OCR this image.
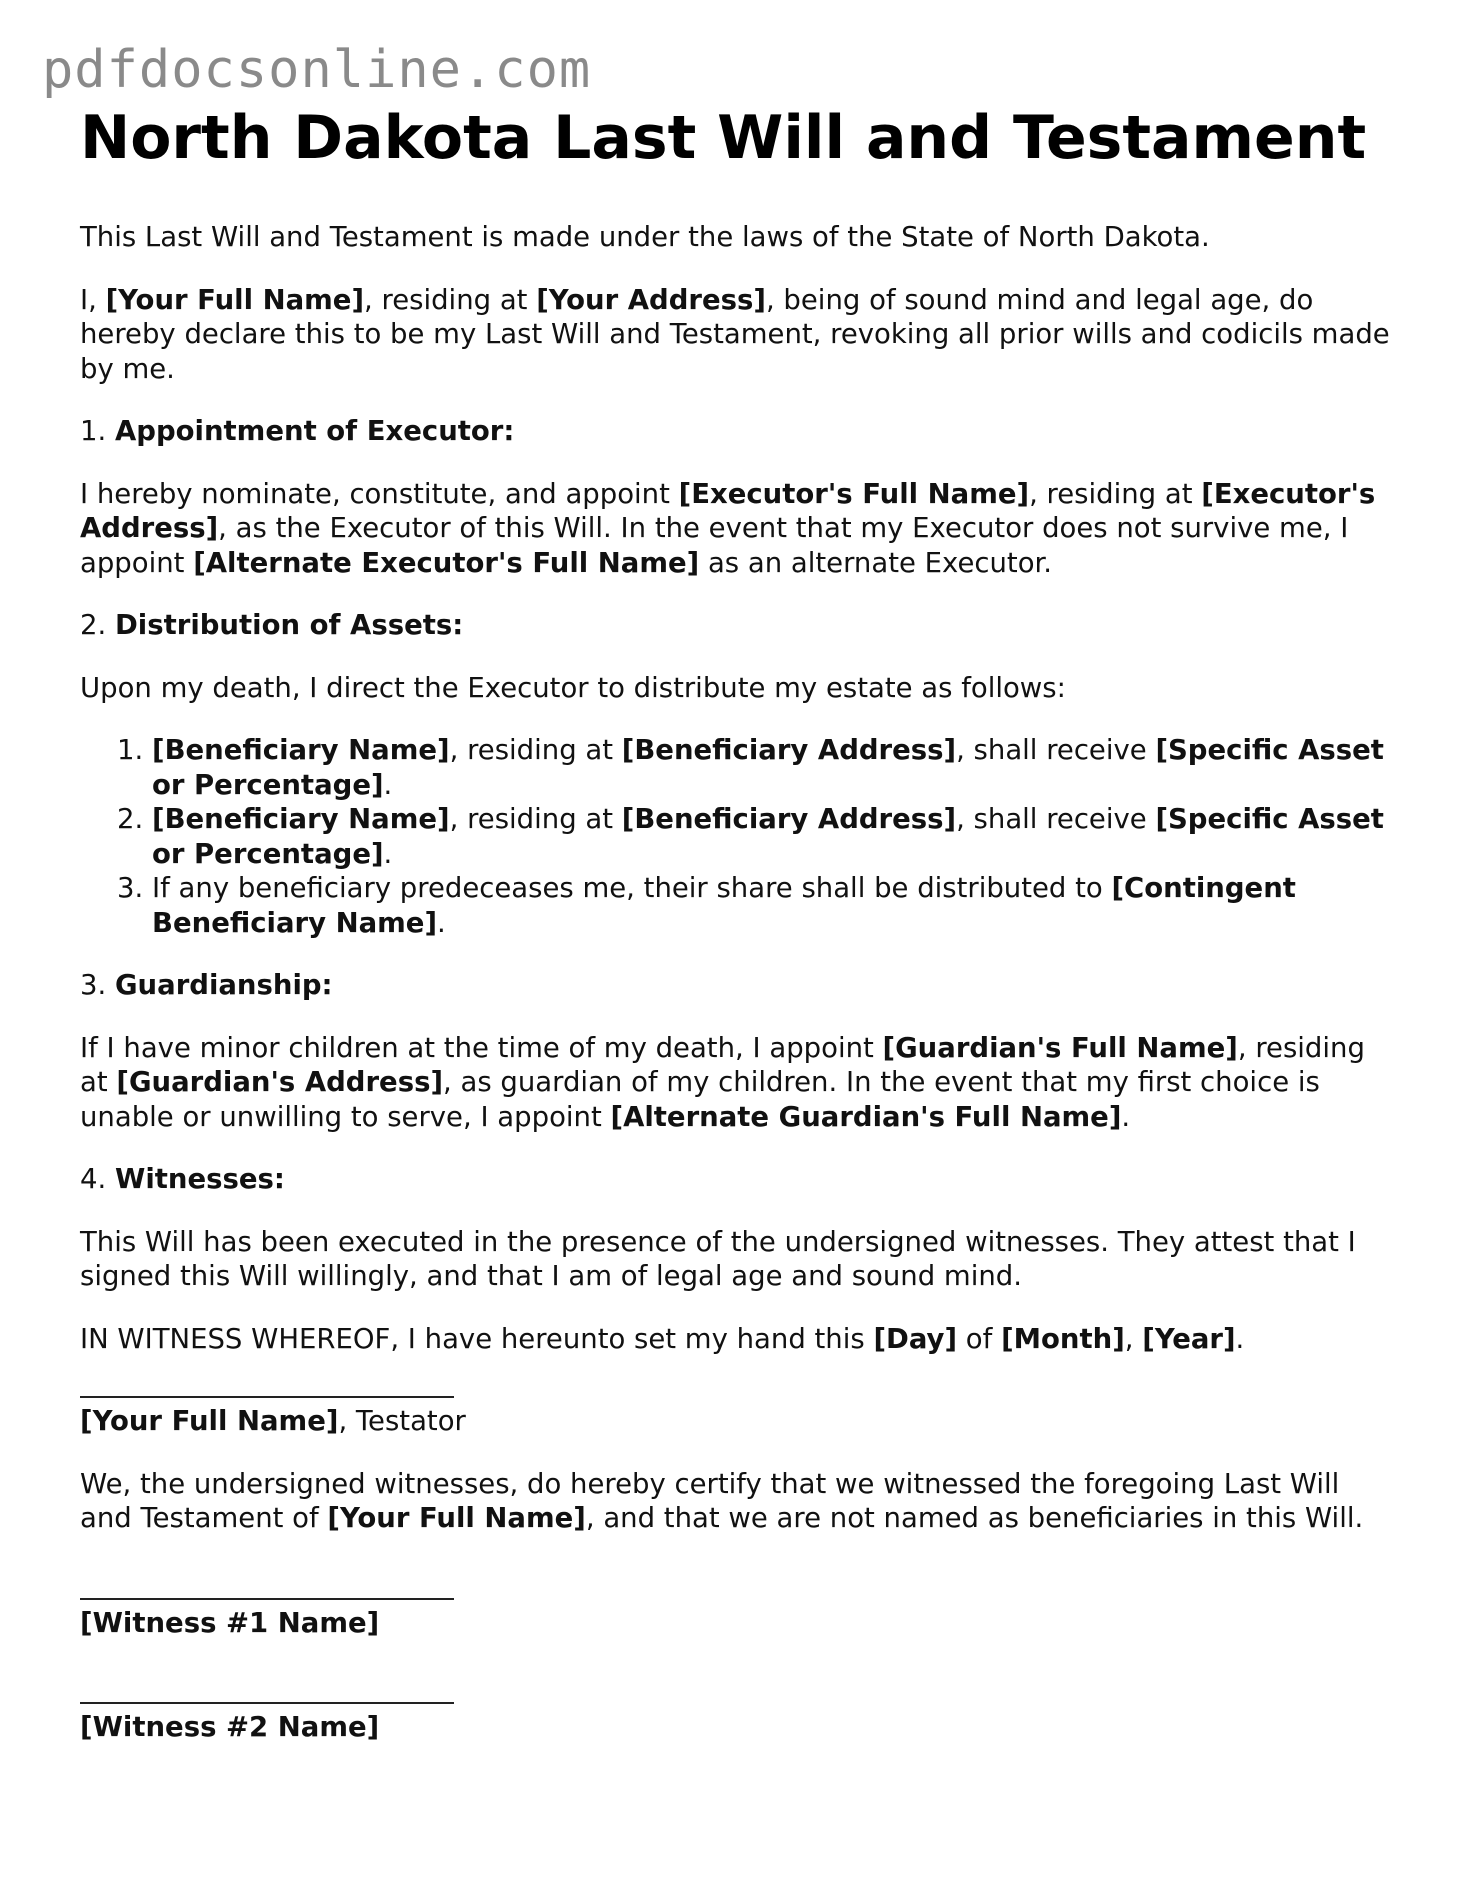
pdfdocsonline.com
North Dakota Last Will and Testament

This Last Will and Testament is made under the laws of the State of North Dakota.

I, [Your Full Name], residing at [Your Address], being of sound mind and legal age, do hereby declare this to be my Last Will and Testament, revoking all prior wills and codicils made by me.

1. Appointment of Executor:

I hereby nominate, constitute, and appoint [Executor's Full Name], residing at [Executor's Address], as the Executor of this Will. In the event that my Executor does not survive me, I appoint [Alternate Executor's Full Name] as an alternate Executor.

2. Distribution of Assets:

Upon my death, I direct the Executor to distribute my estate as follows:

1. [Beneficiary Name], residing at [Beneficiary Address], shall receive [Specific Asset or Percentage].
2. [Beneficiary Name], residing at [Beneficiary Address], shall receive [Specific Asset or Percentage].
3. If any beneficiary predeceases me, their share shall be distributed to [Contingent Beneficiary Name].

3. Guardianship:

If I have minor children at the time of my death, I appoint [Guardian's Full Name], residing at [Guardian's Address], as guardian of my children. In the event that my first choice is unable or unwilling to serve, I appoint [Alternate Guardian's Full Name].

4. Witnesses:

This Will has been executed in the presence of the undersigned witnesses. They attest that I signed this Will willingly, and that I am of legal age and sound mind.

IN WITNESS WHEREOF, I have hereunto set my hand this [Day] of [Month], [Year].

[Your Full Name], Testator

We, the undersigned witnesses, do hereby certify that we witnessed the foregoing Last Will and Testament of [Your Full Name], and that we are not named as beneficiaries in this Will.

[Witness #1 Name]
[Witness #2 Name]
